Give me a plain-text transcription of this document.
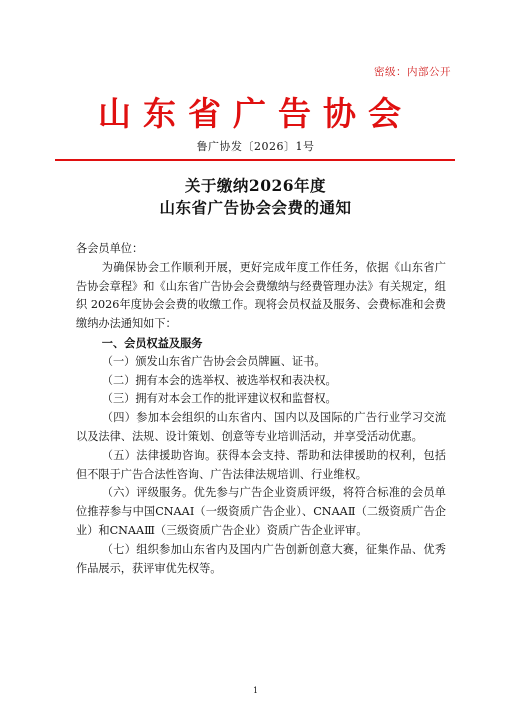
密级：内部公开
山东省广告协会
鲁广协发〔2026〕1号
关于缴纳2026年度
山东省广告协会会费的通知

各会员单位：

为确保协会工作顺利开展，更好完成年度工作任务，依据《山东省广告协会章程》和《山东省广告协会会费缴纳与经费管理办法》有关规定，组织 2026年度协会会费的收缴工作。现将会员权益及服务、会费标准和会费缴纳办法通知如下：

一、会员权益及服务

（一）颁发山东省广告协会会员牌匾、证书。

（二）拥有本会的选举权、被选举权和表决权。

（三）拥有对本会工作的批评建议权和监督权。

（四）参加本会组织的山东省内、国内以及国际的广告行业学习交流以及法律、法规、设计策划、创意等专业培训活动，并享受活动优惠。

（五）法律援助咨询。获得本会支持、帮助和法律援助的权利，包括但不限于广告合法性咨询、广告法律法规培训、行业维权。

（六）评级服务。优先参与广告企业资质评级，将符合标准的会员单位推荐参与中国CNAAⅠ（一级资质广告企业）、CNAAⅡ（二级资质广告企业）和CNAAⅢ（三级资质广告企业）资质广告企业评审。

（七）组织参加山东省内及国内广告创新创意大赛，征集作品、优秀作品展示，获评审优先权等。

1
